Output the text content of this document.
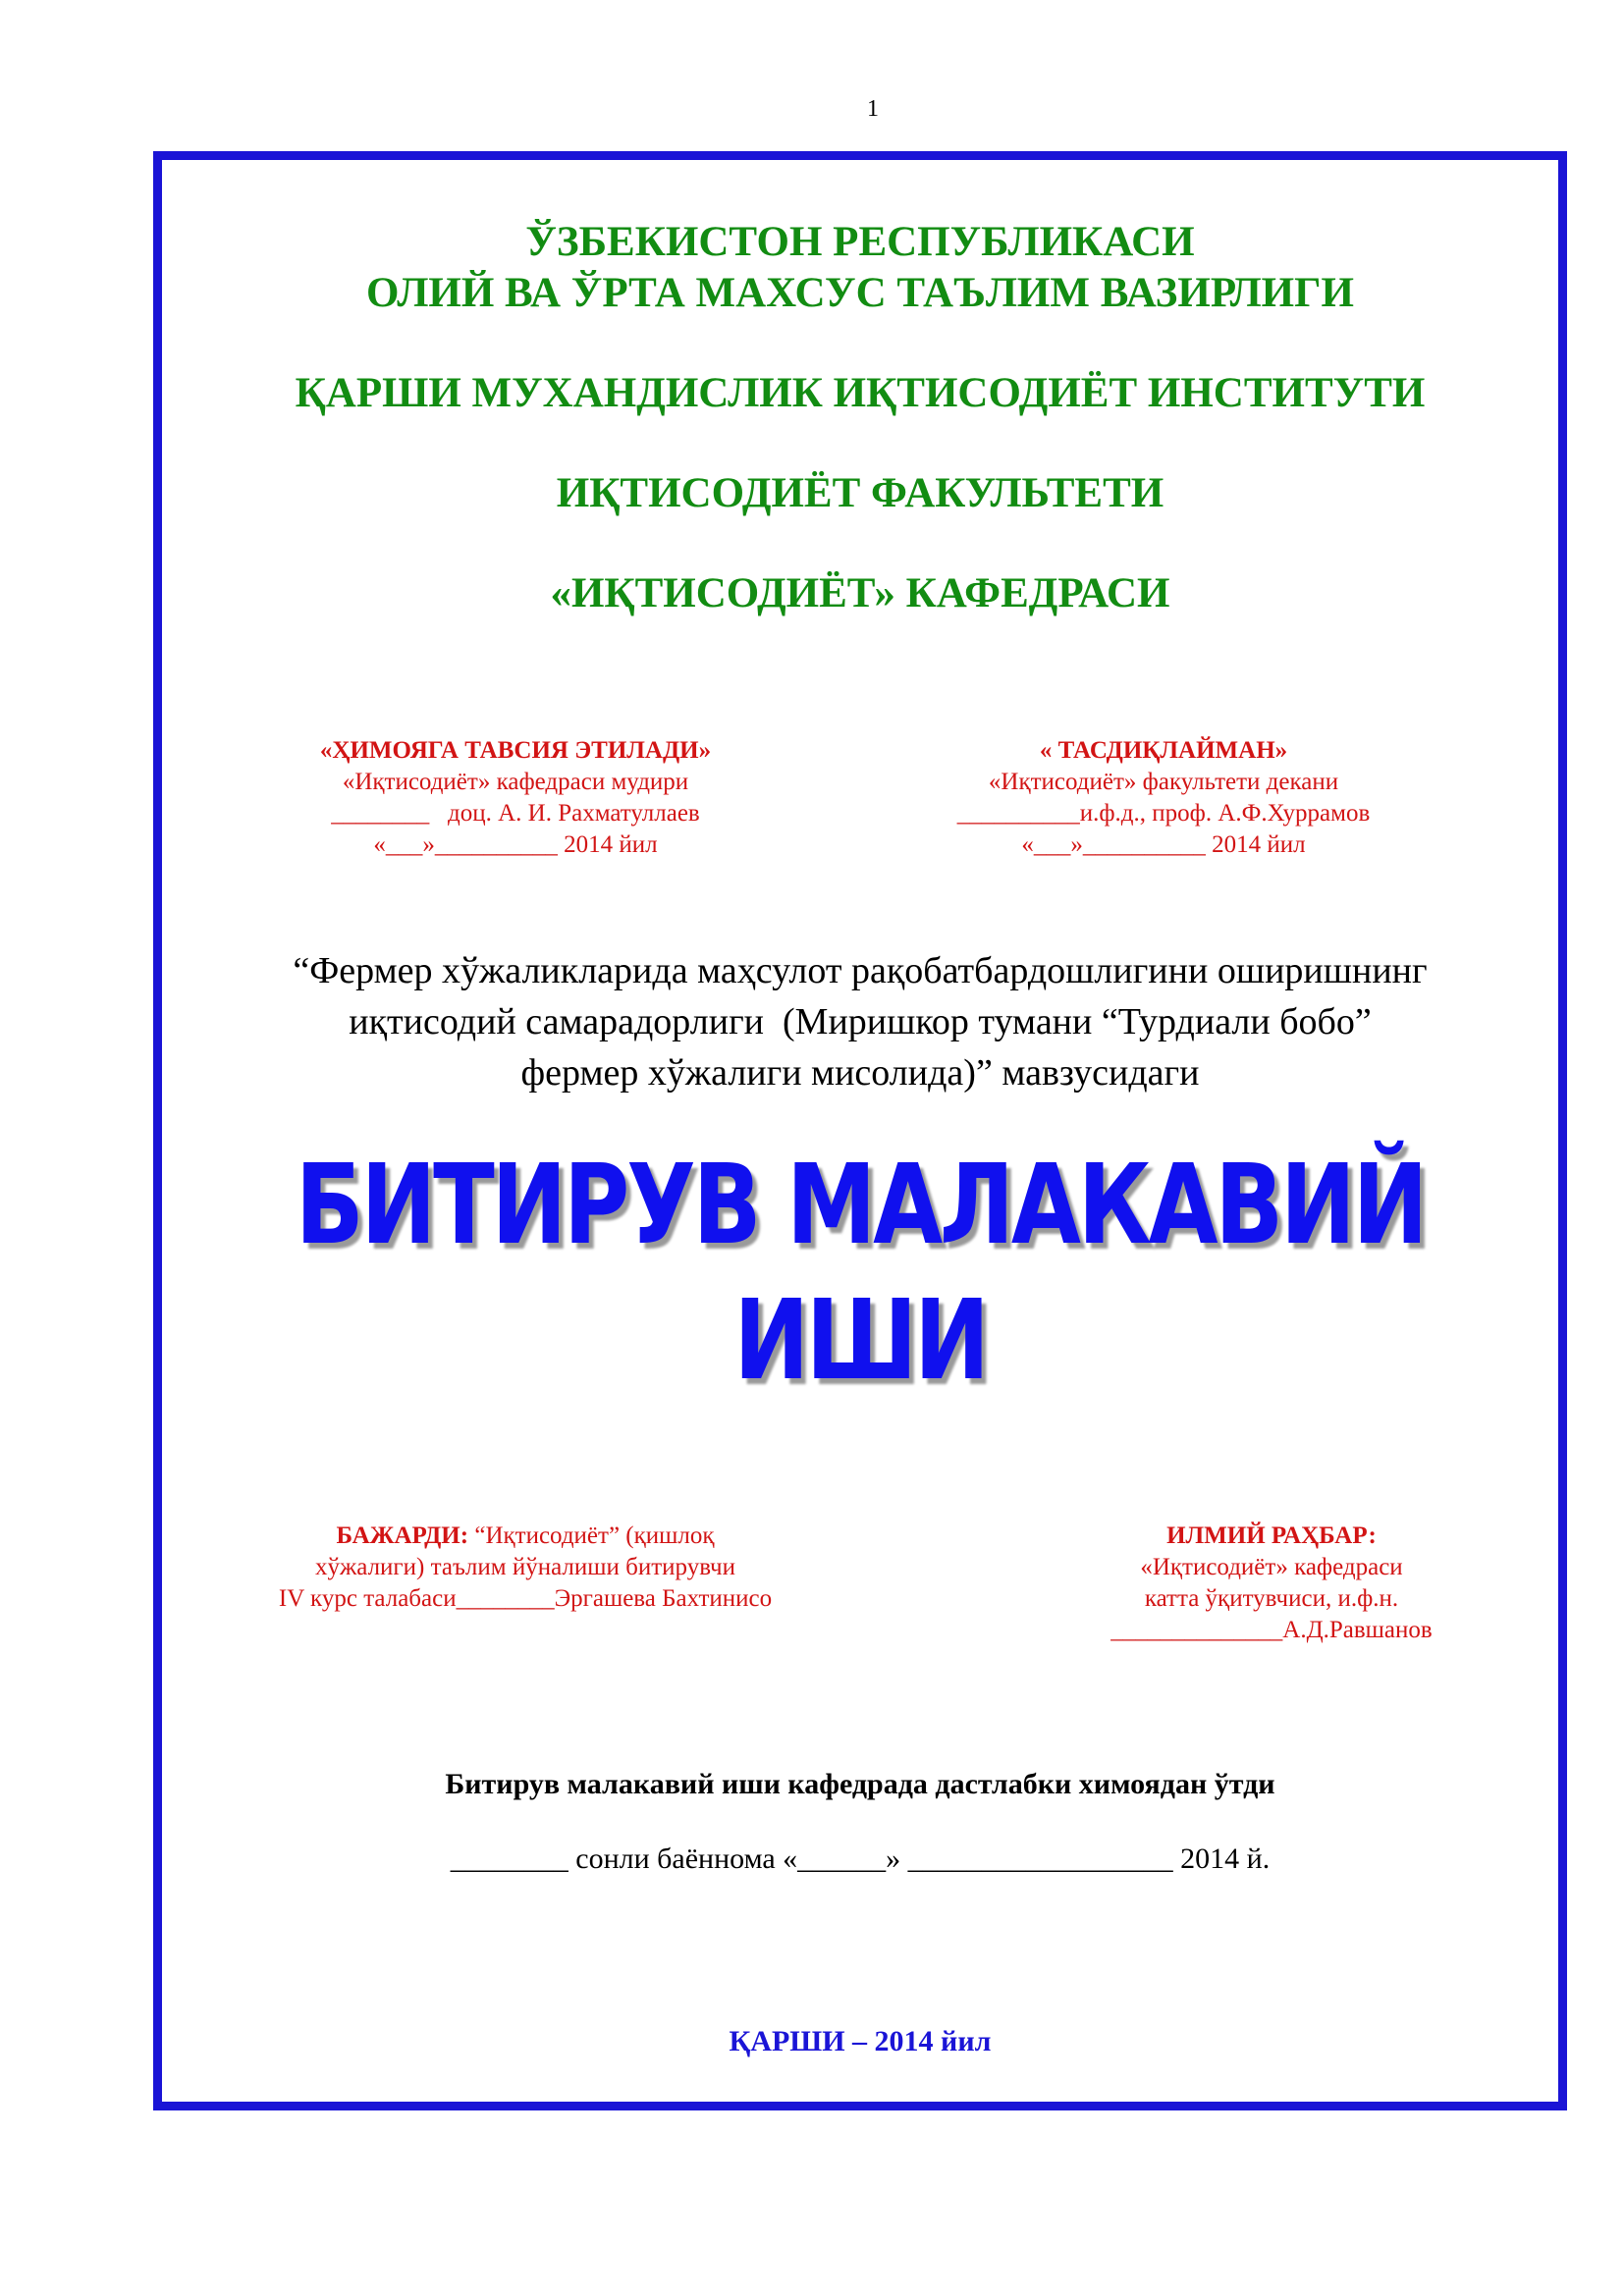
1
ЎЗБЕКИСТОН РЕСПУБЛИКАСИ
ОЛИЙ ВА ЎРТА МАХСУС ТАЪЛИМ ВАЗИРЛИГИ
ҚАРШИ МУХАНДИСЛИК ИҚТИСОДИЁТ ИНСТИТУТИ
ИҚТИСОДИЁТ ФАКУЛЬТЕТИ
«ИҚТИСОДИЁТ» КАФЕДРАСИ
«ҲИМОЯГА ТАВСИЯ ЭТИЛАДИ»
«Иқтисодиёт» кафедраси мудири
________   доц. А. И. Рахматуллаев
«___»__________ 2014 йил
« ТАСДИҚЛАЙМАН»
«Иқтисодиёт» факультети декани
__________и.ф.д., проф. А.Ф.Хуррамов
«___»__________ 2014 йил
“Фермер хўжаликларида маҳсулот рақобатбардошлигини оширишнинг
иқтисодий самарадорлиги  (Миришкор тумани “Турдиали бобо”
фермер хўжалиги мисолида)” мавзусидаги
БИТИРУВ МАЛАКАВИЙ
ИШИ
БАЖАРДИ: “Иқтисодиёт” (қишлоқ
хўжалиги) таълим йўналиши битирувчи
IV курс талабаси________Эргашева Бахтинисо
ИЛМИЙ РАҲБАР:
«Иқтисодиёт» кафедраси
катта ўқитувчиси, и.ф.н.
______________А.Д.Равшанов
Битирув малакавий иши кафедрада дастлабки химоядан ўтди
________ сонли баённома «______» __________________ 2014 й.
ҚАРШИ – 2014 йил
